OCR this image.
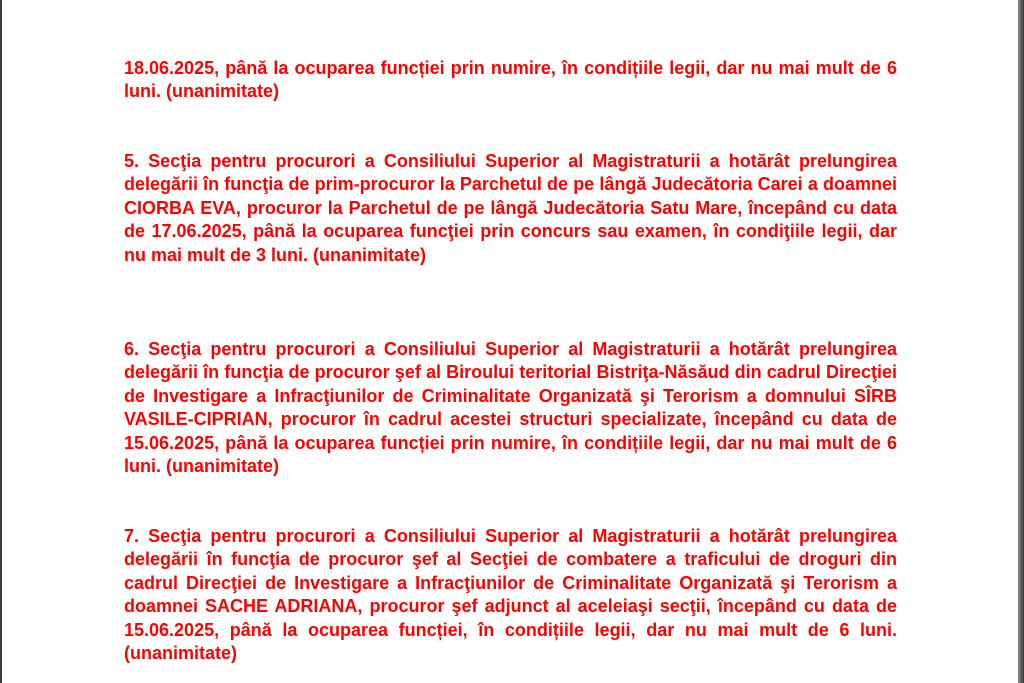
18.06.2025, până la ocuparea funcției prin numire, în condițiile legii, dar nu mai mult de 6 luni. (unanimitate)

5. Secţia pentru procurori a Consiliului Superior al Magistraturii a hotărât prelungirea delegării în funcţia de prim-procuror la Parchetul de pe lângă Judecătoria Carei a doamnei CIORBA EVA, procuror la Parchetul de pe lângă Judecătoria Satu Mare, începând cu data de 17.06.2025, până la ocuparea funcţiei prin concurs sau examen, în condiţiile legii, dar nu mai mult de 3 luni. (unanimitate)

6. Secţia pentru procurori a Consiliului Superior al Magistraturii a hotărât prelungirea delegării în funcţia de procuror şef al Biroului teritorial Bistriţa-Năsăud din cadrul Direcţiei de Investigare a Infracţiunilor de Criminalitate Organizată şi Terorism a domnului SÎRB VASILE-CIPRIAN, procuror în cadrul acestei structuri specializate, începând cu data de 15.06.2025, până la ocuparea funcției prin numire, în condițiile legii, dar nu mai mult de 6 luni. (unanimitate)

7. Secţia pentru procurori a Consiliului Superior al Magistraturii a hotărât prelungirea delegării în funcţia de procuror şef al Secţiei de combatere a traficului de droguri din cadrul Direcţiei de Investigare a Infracţiunilor de Criminalitate Organizată şi Terorism a doamnei SACHE ADRIANA, procuror şef adjunct al aceleiaşi secţii, începând cu data de 15.06.2025, până la ocuparea funcției, în condițiile legii, dar nu mai mult de 6 luni. (unanimitate)
